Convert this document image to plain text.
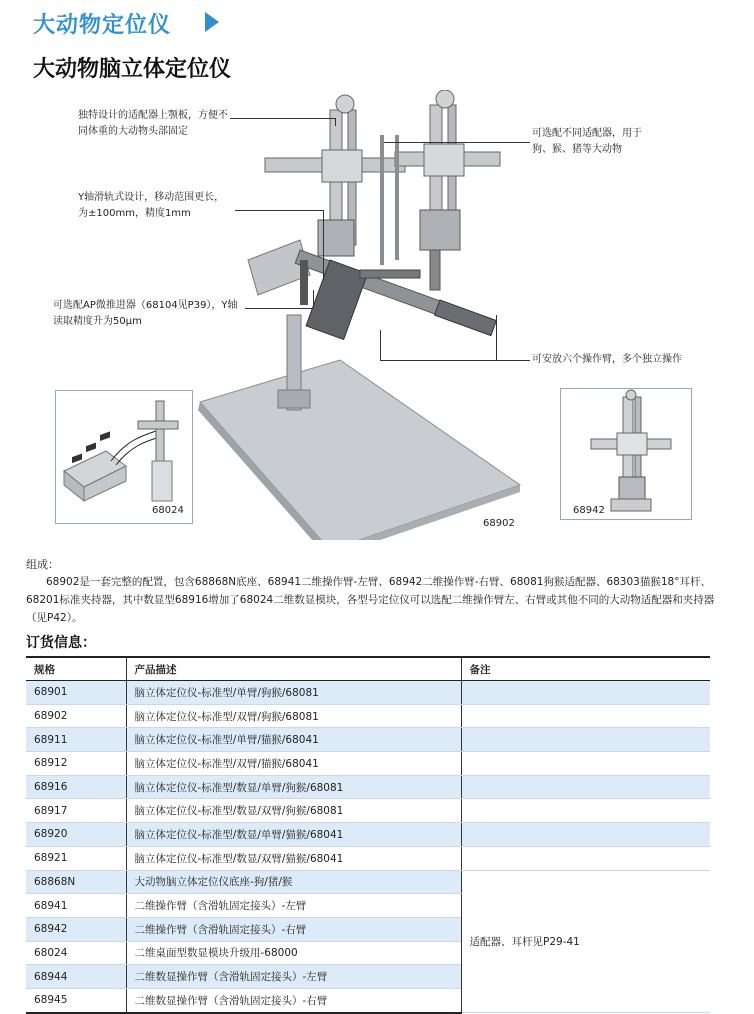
大动物定位仪
大动物脑立体定位仪
独特设计的适配器上颚板，方便不同体重的大动物头部固定
Y轴滑轨式设计，移动范围更长，为±100mm，精度1mm
可选配AP微推进器（68104见P39），Y轴读取精度升为50μm
可选配不同适配器，用于狗、猴、猪等大动物
可安放六个操作臂，多个独立操作
68902
68024	68942
组成：
68902是一套完整的配置，包含68868N底座、68941二维操作臂-左臂、68942二维操作臂-右臂、68081狗猴适配器、68303猫猴18°耳杆、68201标准夹持器，其中数显型68916增加了68024二维数显模块，各型号定位仪可以选配二维操作臂左、右臂或其他不同的大动物适配器和夹持器（见P42）。
订货信息：
规格	产品描述	备注
68901	脑立体定位仪-标准型/单臂/狗猴/68081	
68902	脑立体定位仪-标准型/双臂/狗猴/68081	
68911	脑立体定位仪-标准型/单臂/猫猴/68041	
68912	脑立体定位仪-标准型/双臂/猫猴/68041	
68916	脑立体定位仪-标准型/数显/单臂/狗猴/68081	
68917	脑立体定位仪-标准型/数显/双臂/狗猴/68081	
68920	脑立体定位仪-标准型/数显/单臂/猫猴/68041	
68921	脑立体定位仪-标准型/数显/双臂/猫猴/68041	
68868N	大动物脑立体定位仪底座-狗/猪/猴	适配器、耳杆见P29-41
68941	二维操作臂（含滑轨固定接头）-左臂	
68942	二维操作臂（含滑轨固定接头）-右臂	
68024	二维桌面型数显模块升级用-68000	
68944	二维数显操作臂（含滑轨固定接头）-左臂	
68945	二维数显操作臂（含滑轨固定接头）-右臂	
